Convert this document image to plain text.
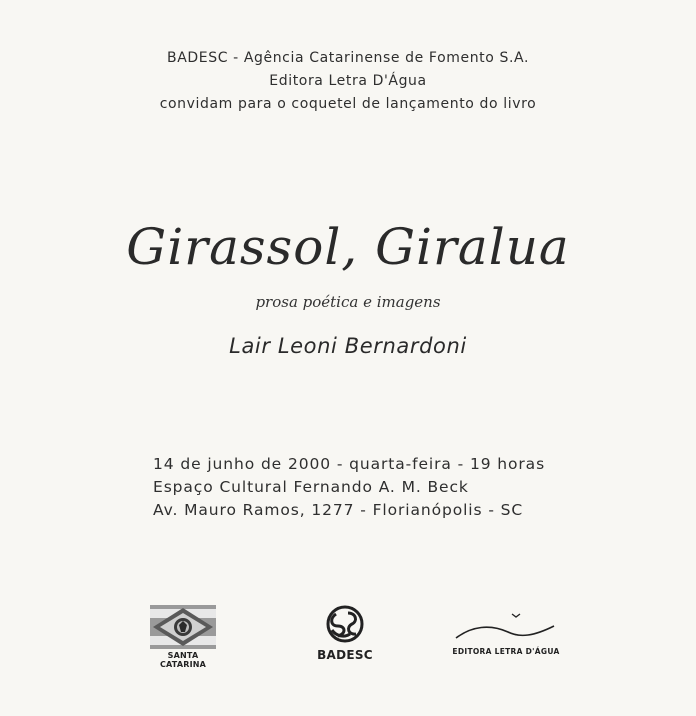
BADESC - Agência Catarinense de Fomento S.A.
Editora Letra D'Água
convidam para o coquetel de lançamento do livro
Girassol, Giralua
prosa poética e imagens
Lair Leoni Bernardoni
14 de junho de 2000 - quarta-feira - 19 horas
Espaço Cultural Fernando A. M. Beck
Av. Mauro Ramos, 1277 - Florianópolis - SC
SANTA CATARINA
BADESC	EDITORA LETRA D'ÁGUA
